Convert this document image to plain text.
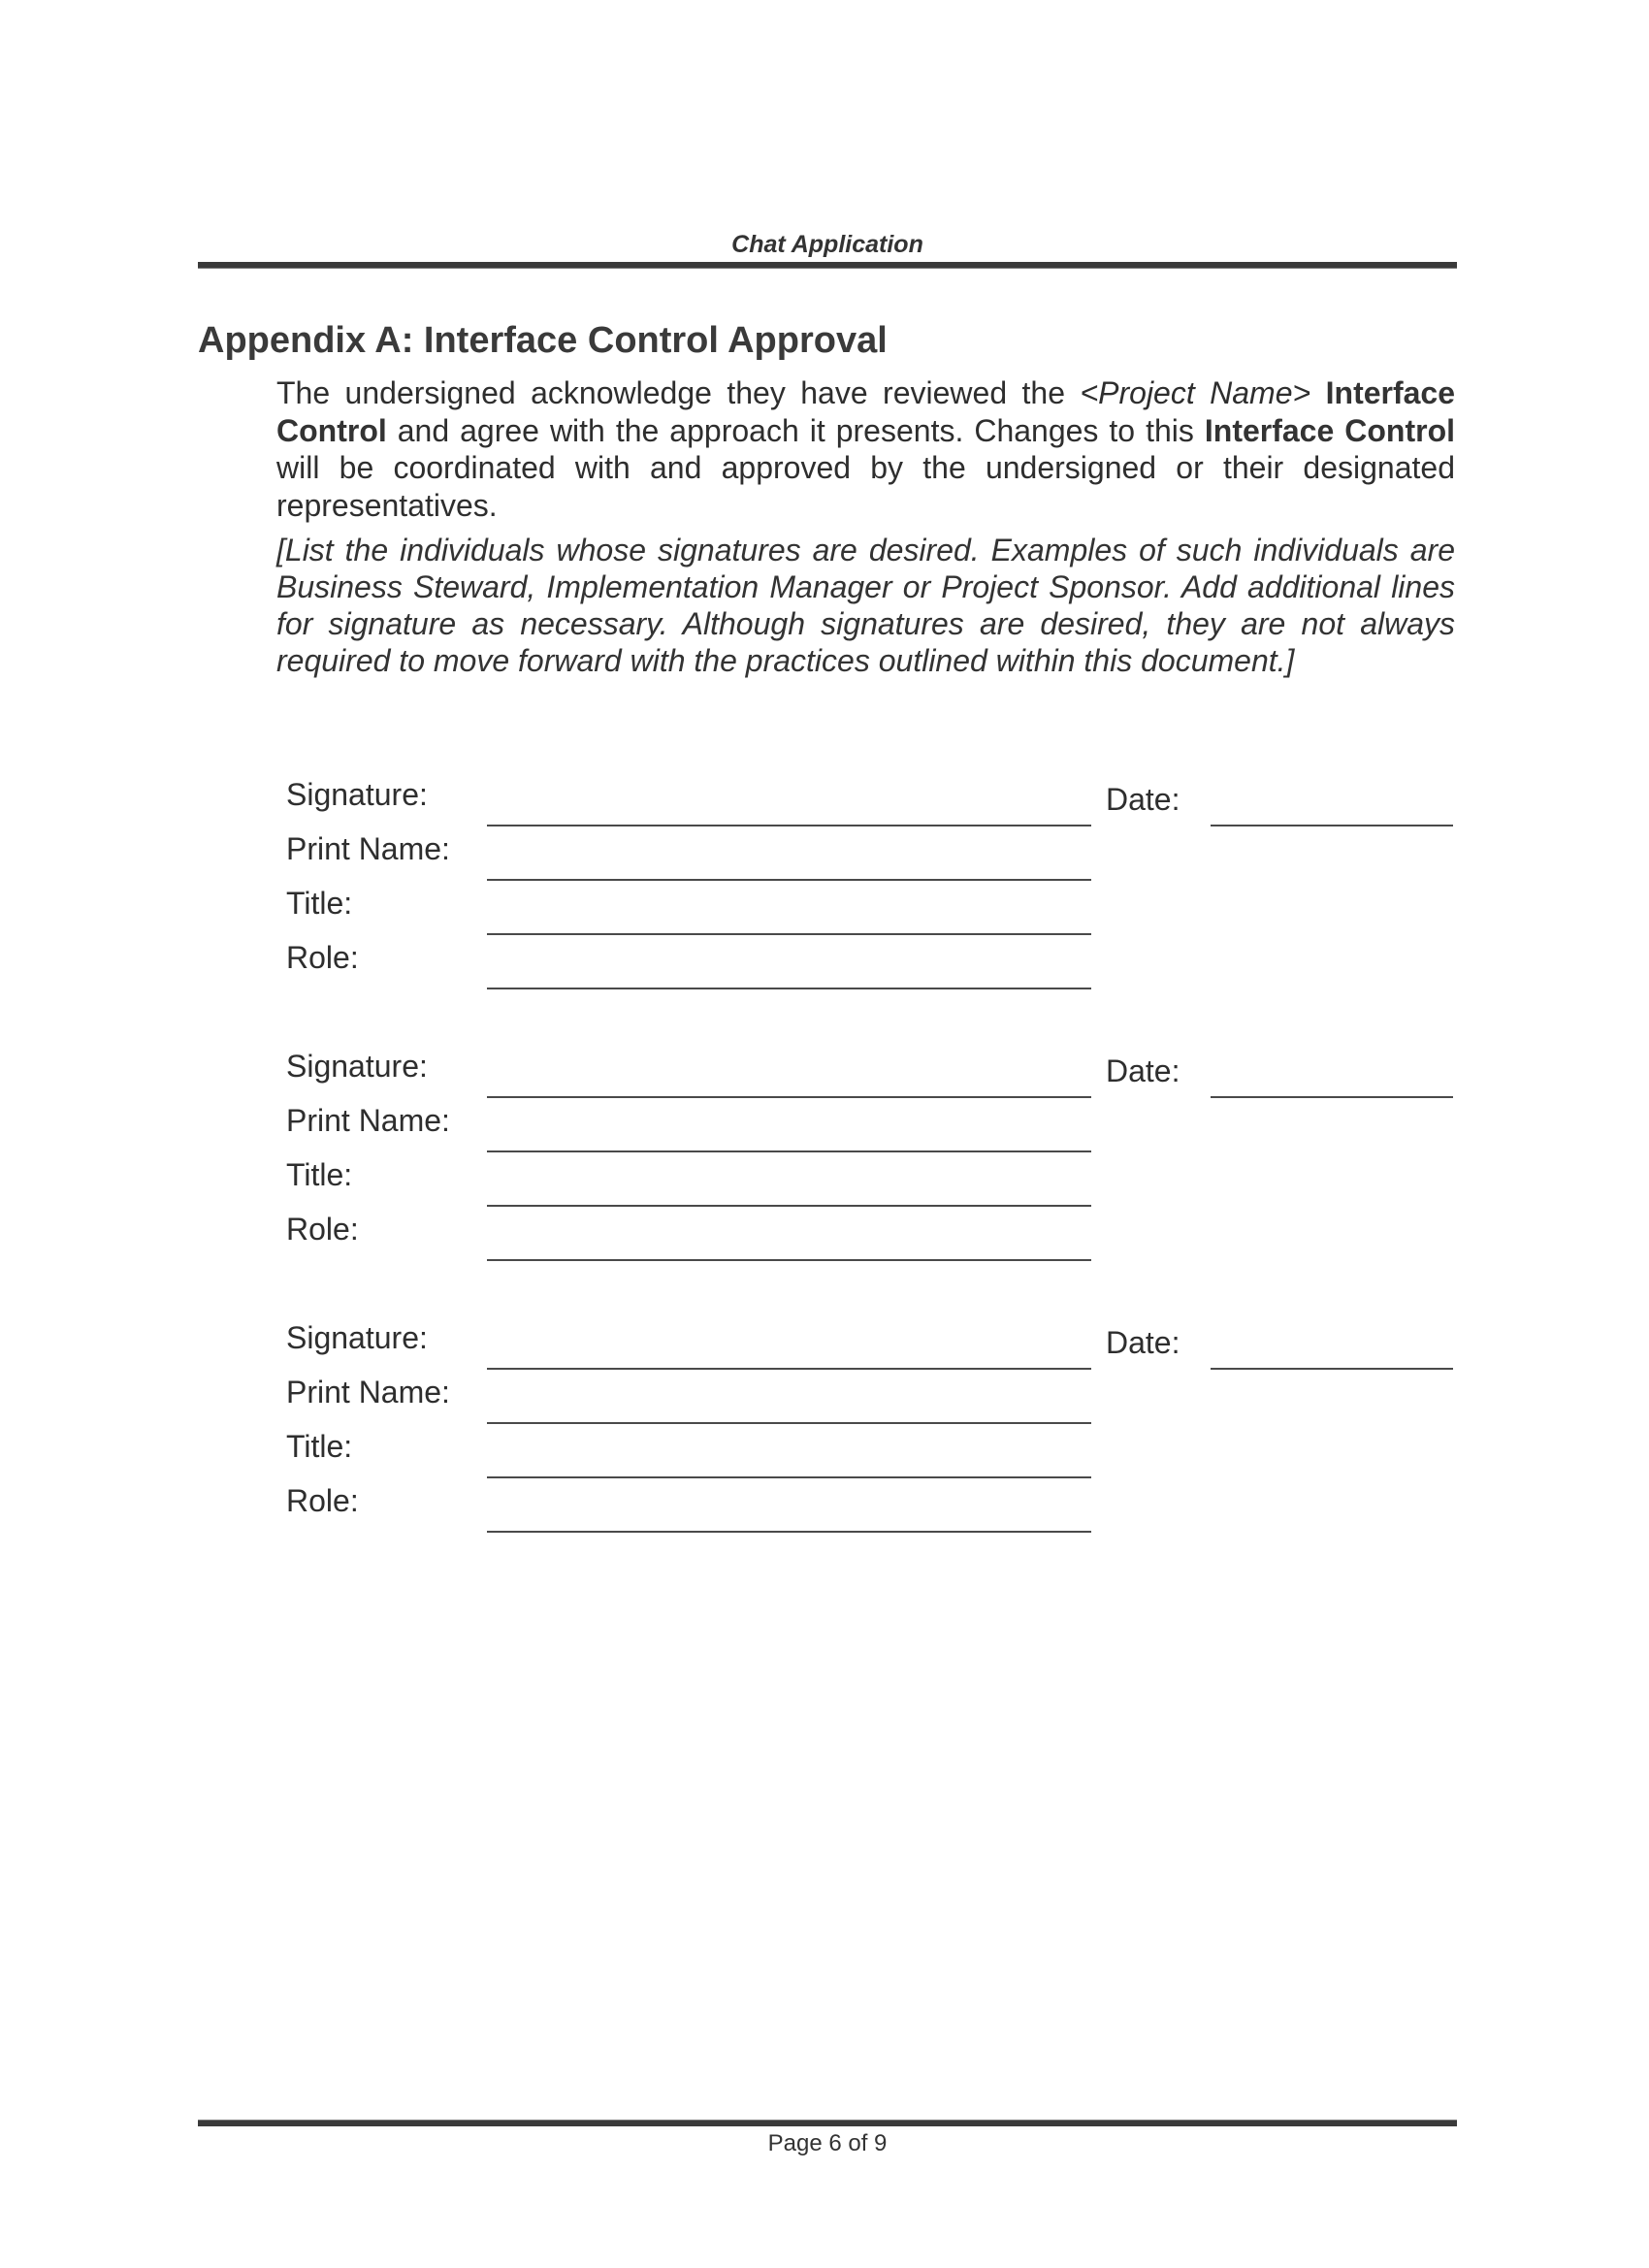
Chat Application
Appendix A: Interface Control Approval

The undersigned acknowledge they have reviewed the <Project Name> Interface Control and agree with the approach it presents. Changes to this Interface Control will be coordinated with and approved by the undersigned or their designated representatives.

[List the individuals whose signatures are desired. Examples of such individuals are Business Steward, Implementation Manager or Project Sponsor. Add additional lines for signature as necessary. Although signatures are desired, they are not always required to move forward with the practices outlined within this document.]

Signature:	Date:
Print Name:
Title:
Role:
Signature:	Date:
Print Name:
Title:
Role:
Signature:	Date:
Print Name:
Title:
Role:
Page 6 of 9
